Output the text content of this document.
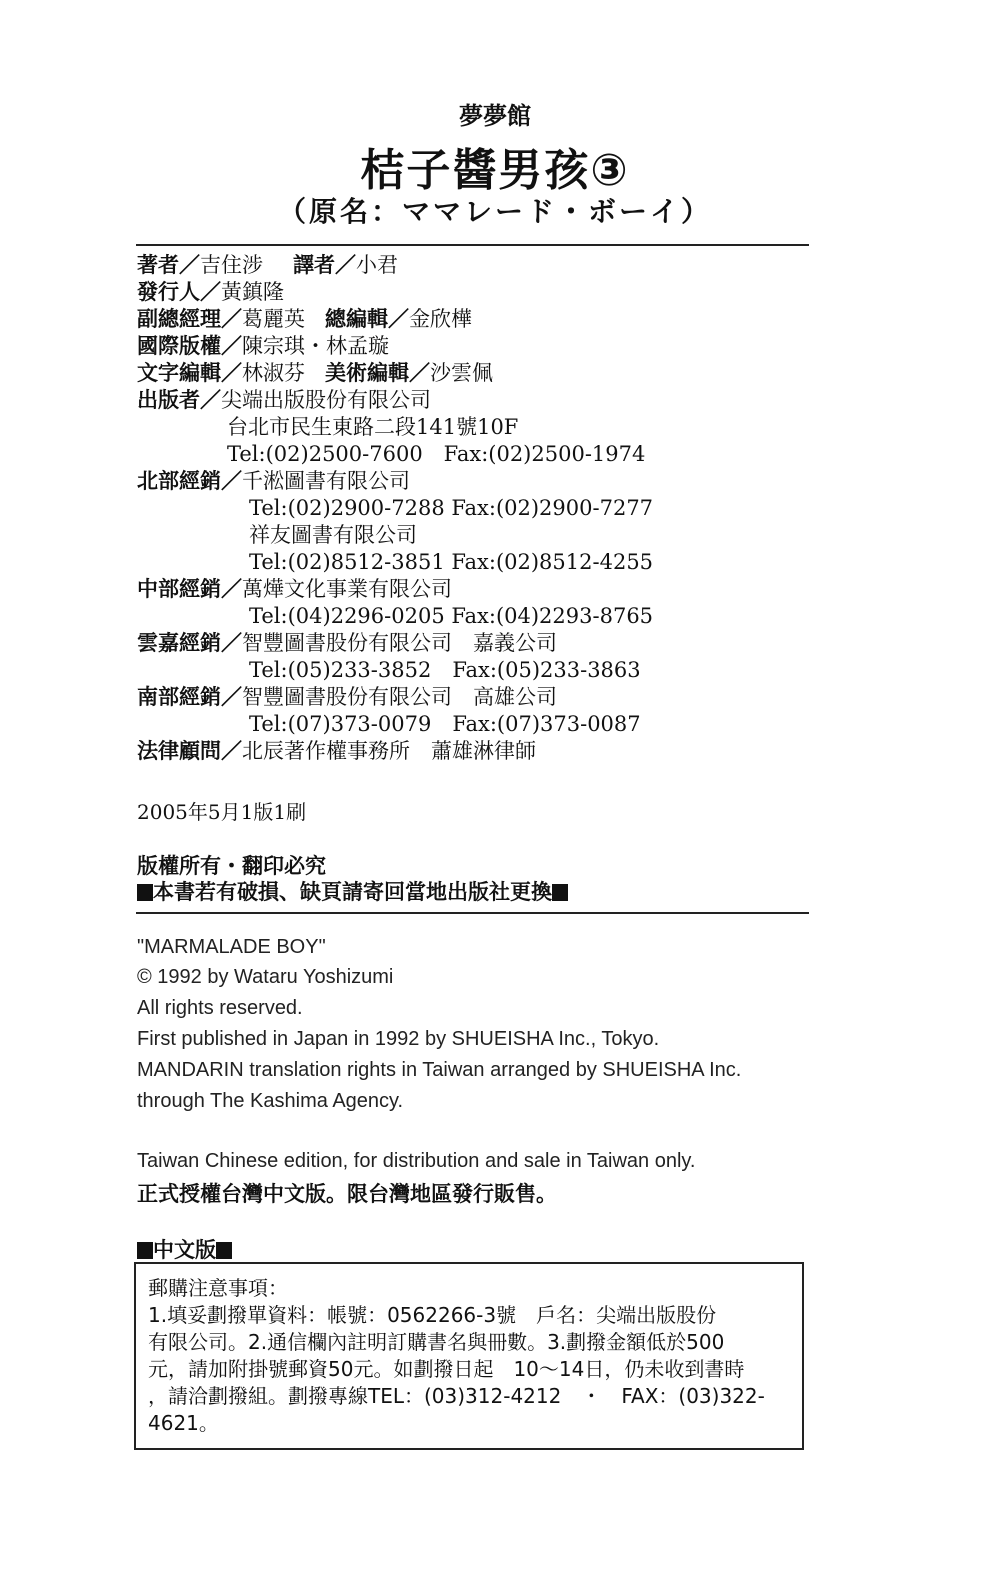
夢夢館
桔子醬男孩③
（原名：ママレード・ボーイ）
著者／吉住涉 譯者／小君
發行人／黃鎮隆
副總經理／葛麗英 總編輯／金欣樺
國際版權／陳宗琪・林孟璇
文字編輯／林淑芬 美術編輯／沙雲佩
出版者／尖端出版股份有限公司
台北市民生東路二段141號10F
Tel:(02)2500-7600　Fax:(02)2500-1974
北部經銷／千淞圖書有限公司
Tel:(02)2900-7288 Fax:(02)2900-7277
祥友圖書有限公司
Tel:(02)8512-3851 Fax:(02)8512-4255
中部經銷／萬燁文化事業有限公司
Tel:(04)2296-0205 Fax:(04)2293-8765
雲嘉經銷／智豐圖書股份有限公司　嘉義公司
Tel:(05)233-3852　Fax:(05)233-3863
南部經銷／智豐圖書股份有限公司　高雄公司
Tel:(07)373-0079　Fax:(07)373-0087
法律顧問／北辰著作權事務所　蕭雄淋律師
2005年5月1版1刷
版權所有・翻印必究
本書若有破損、缺頁請寄回當地出版社更換
"MARMALADE BOY"
© 1992 by Wataru Yoshizumi
All rights reserved.
First published in Japan in 1992 by SHUEISHA Inc., Tokyo.
MANDARIN translation rights in Taiwan arranged by SHUEISHA Inc.
through The Kashima Agency.
Taiwan Chinese edition, for distribution and sale in Taiwan only.
正式授權台灣中文版。限台灣地區發行販售。
中文版
郵購注意事項：
1.填妥劃撥單資料：帳號：0562266-3號　戶名：尖端出版股份
有限公司。2.通信欄內註明訂購書名與冊數。3.劃撥金額低於500
元，請加附掛號郵資50元。如劃撥日起　10～14日，仍未收到書時
，請洽劃撥組。劃撥專線TEL：(03)312-4212　・　FAX：(03)322-
4621。
